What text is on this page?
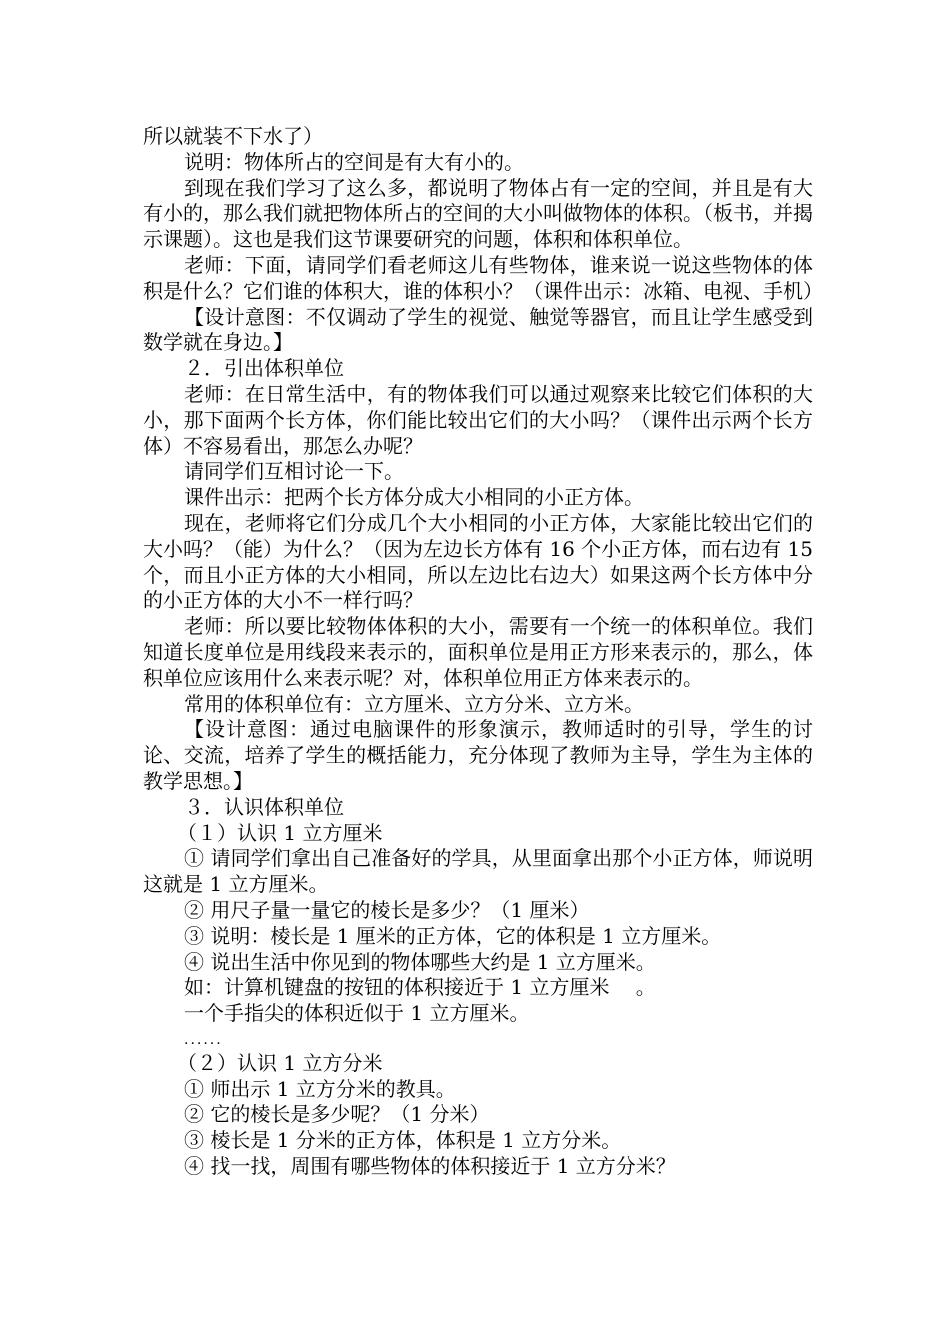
所以就装不下水了）

说明：物体所占的空间是有大有小的。

到现在我们学习了这么多，都说明了物体占有一定的空间，并且是有大有小的，那么我们就把物体所占的空间的大小叫做物体的体积。（板书，并揭示课题）。这也是我们这节课要研究的问题，体积和体积单位。

老师：下面，请同学们看老师这儿有些物体，谁来说一说这些物体的体积是什么？它们谁的体积大，谁的体积小？（课件出示：冰箱、电视、手机）

【设计意图：不仅调动了学生的视觉、触觉等器官，而且让学生感受到数学就在身边。】

２．引出体积单位

老师：在日常生活中，有的物体我们可以通过观察来比较它们体积的大小，那下面两个长方体，你们能比较出它们的大小吗？（课件出示两个长方体）不容易看出，那怎么办呢？

请同学们互相讨论一下。

课件出示：把两个长方体分成大小相同的小正方体。

现在，老师将它们分成几个大小相同的小正方体，大家能比较出它们的大小吗？（能）为什么？（因为左边长方体有 16 个小正方体，而右边有 15 个，而且小正方体的大小相同，所以左边比右边大）如果这两个长方体中分的小正方体的大小不一样行吗？

老师：所以要比较物体体积的大小，需要有一个统一的体积单位。我们知道长度单位是用线段来表示的，面积单位是用正方形来表示的，那么，体积单位应该用什么来表示呢？对，体积单位用正方体来表示的。

常用的体积单位有：立方厘米、立方分米、立方米。

【设计意图：通过电脑课件的形象演示，教师适时的引导，学生的讨论、交流，培养了学生的概括能力，充分体现了教师为主导，学生为主体的教学思想。】

３．认识体积单位

（１）认识 1 立方厘米

① 请同学们拿出自己准备好的学具，从里面拿出那个小正方体，师说明这就是 1 立方厘米。

② 用尺子量一量它的棱长是多少？（1 厘米）

③ 说明：棱长是 1 厘米的正方体，它的体积是 1 立方厘米。

④ 说出生活中你见到的物体哪些大约是 1 立方厘米。

如：计算机键盘的按钮的体积接近于 1 立方厘米　 。

一个手指尖的体积近似于 1 立方厘米。

......

（２）认识 1 立方分米

① 师出示 1 立方分米的教具。

② 它的棱长是多少呢？（1 分米）

③ 棱长是 1 分米的正方体，体积是 1 立方分米。

④ 找一找，周围有哪些物体的体积接近于 1 立方分米？
